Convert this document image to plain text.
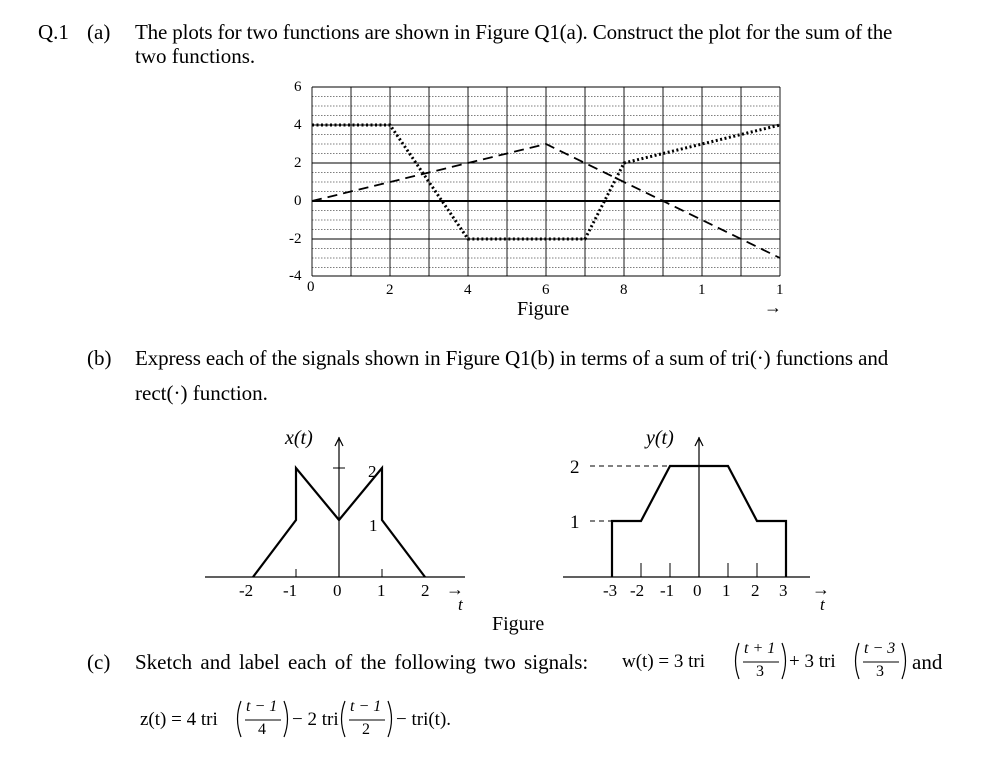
Q.1 (a) The plots for two functions are shown in Figure Q1(a). Construct the plot for the sum of the
two functions.
6
4
2
0
-2
-4
0	2	4	6	8	1	1
→
Figure
(b) Express each of the signals shown in Figure Q1(b) in terms of a sum of tri(·) functions and
rect(·) function.
x(t)
2
1
-2 -1 0 1 2 →
t
y(t)
2
1
-3 -2 -1 0 1 2 3 →
t
Figure
(c) Sketch and label each of the following two signals: w(t) = 3 tri
t + 1
3 + 3 tri
t − 3
3 and
z(t) = 4 tri
t − 1
4 − 2 tri
t − 1
2 − tri(t).
